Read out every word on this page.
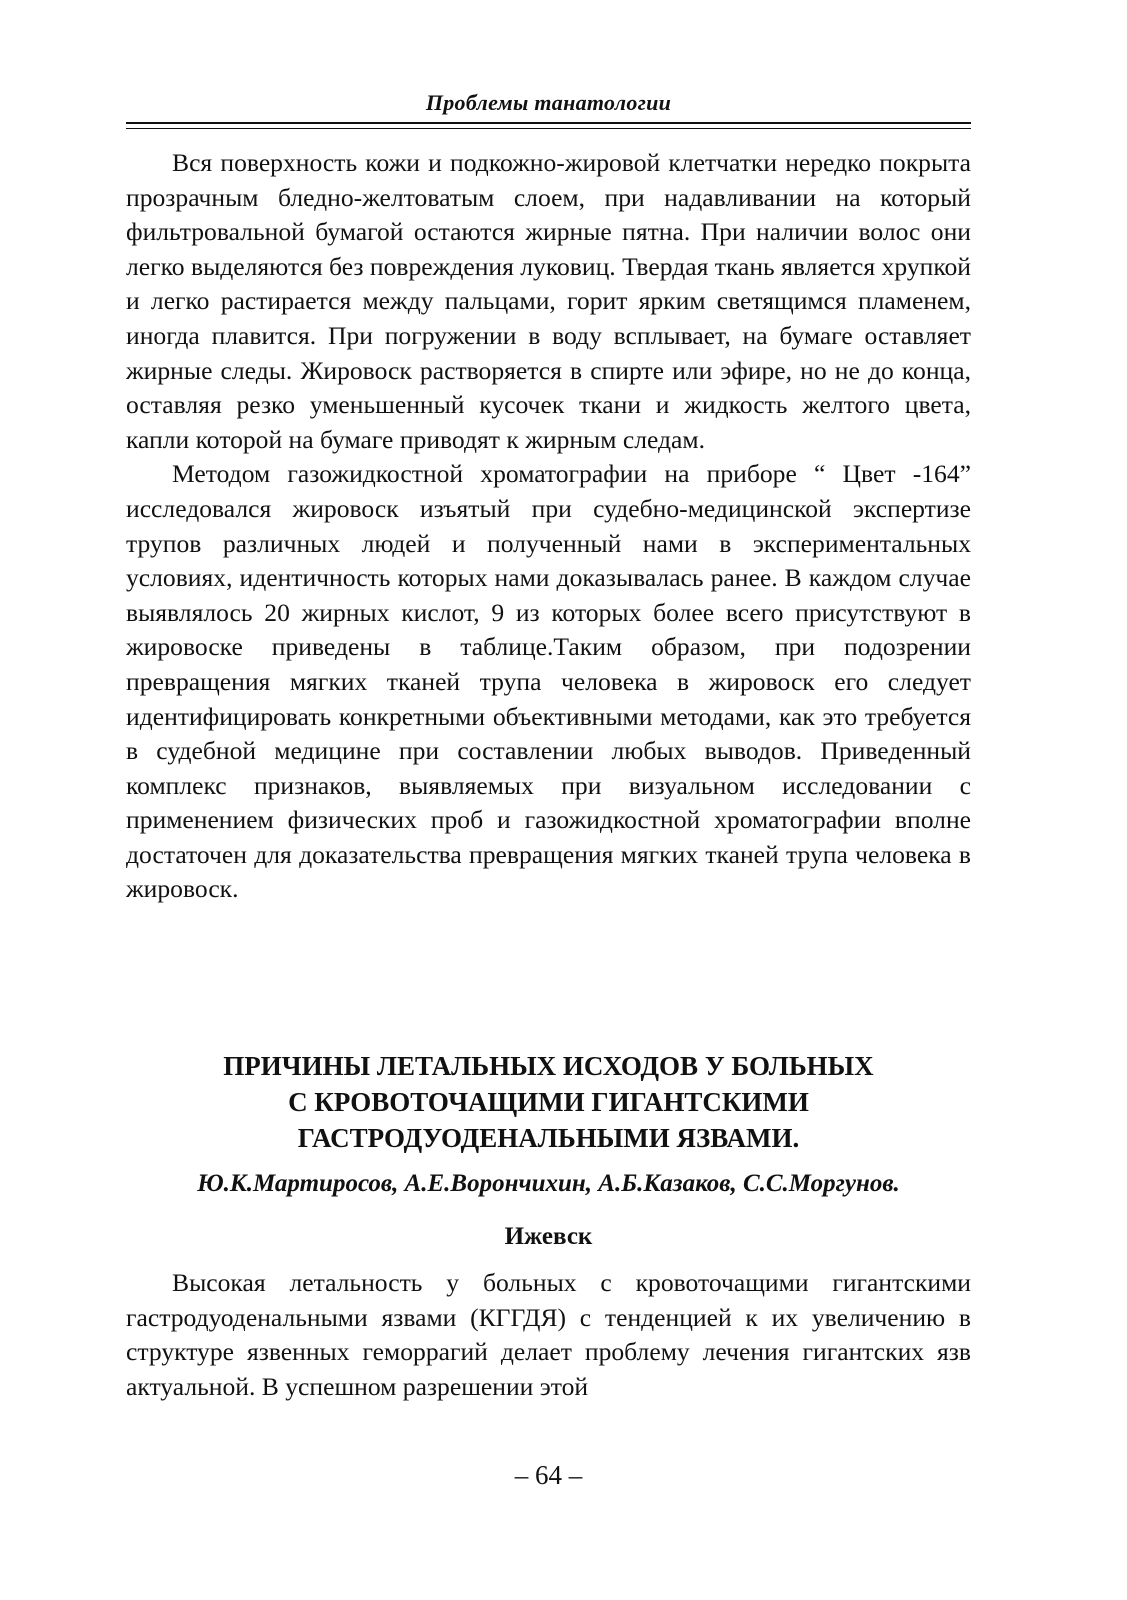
Проблемы танатологии

Вся поверхность кожи и подкожно-жировой клетчатки нередко покрыта прозрачным бледно-желтоватым слоем, при надавливании на который фильтровальной бумагой остаются жирные пятна. При наличии волос они легко выделяются без повреждения луковиц. Твердая ткань является хрупкой и легко растирается между пальцами, горит ярким светящимся пламенем, иногда плавится. При погружении в воду всплывает, на бумаге оставляет жирные следы. Жировоск растворяется в спирте или эфире, но не до конца, оставляя резко уменьшенный кусочек ткани и жидкость желтого цвета, капли которой на бумаге приводят к жирным следам.

Методом газожидкостной хроматографии на приборе “ Цвет -164” исследовался жировоск изъятый при судебно-медицинской экспертизе трупов различных людей и полученный нами в экспериментальных условиях, идентичность которых нами доказывалась ранее. В каждом случае выявлялось 20 жирных кислот, 9 из которых более всего присутствуют в жировоске приведены в таблице.Таким образом, при подозрении превращения мягких тканей трупа человека в жировоск его следует идентифицировать конкретными объективными методами, как это требуется в судебной медицине при составлении любых выводов. Приведенный комплекс признаков, выявляемых при визуальном исследовании с применением физических проб и газожидкостной хроматографии вполне достаточен для доказательства превращения мягких тканей трупа человека в жировоск.

ПРИЧИНЫ ЛЕТАЛЬНЫХ ИСХОДОВ У БОЛЬНЫХ
С КРОВОТОЧАЩИМИ ГИГАНТСКИМИ
ГАСТРОДУОДЕНАЛЬНЫМИ ЯЗВАМИ.
Ю.К.Мартиросов, А.Е.Ворончихин, А.Б.Казаков, С.С.Моргунов.
Ижевск

Высокая летальность у больных с кровоточащими гигантскими гастродуоденальными язвами (КГГДЯ) с тенденцией к их увеличению в структуре язвенных геморрагий делает проблему лечения гигантских язв актуальной. В успешном разрешении этой

– 64 –
